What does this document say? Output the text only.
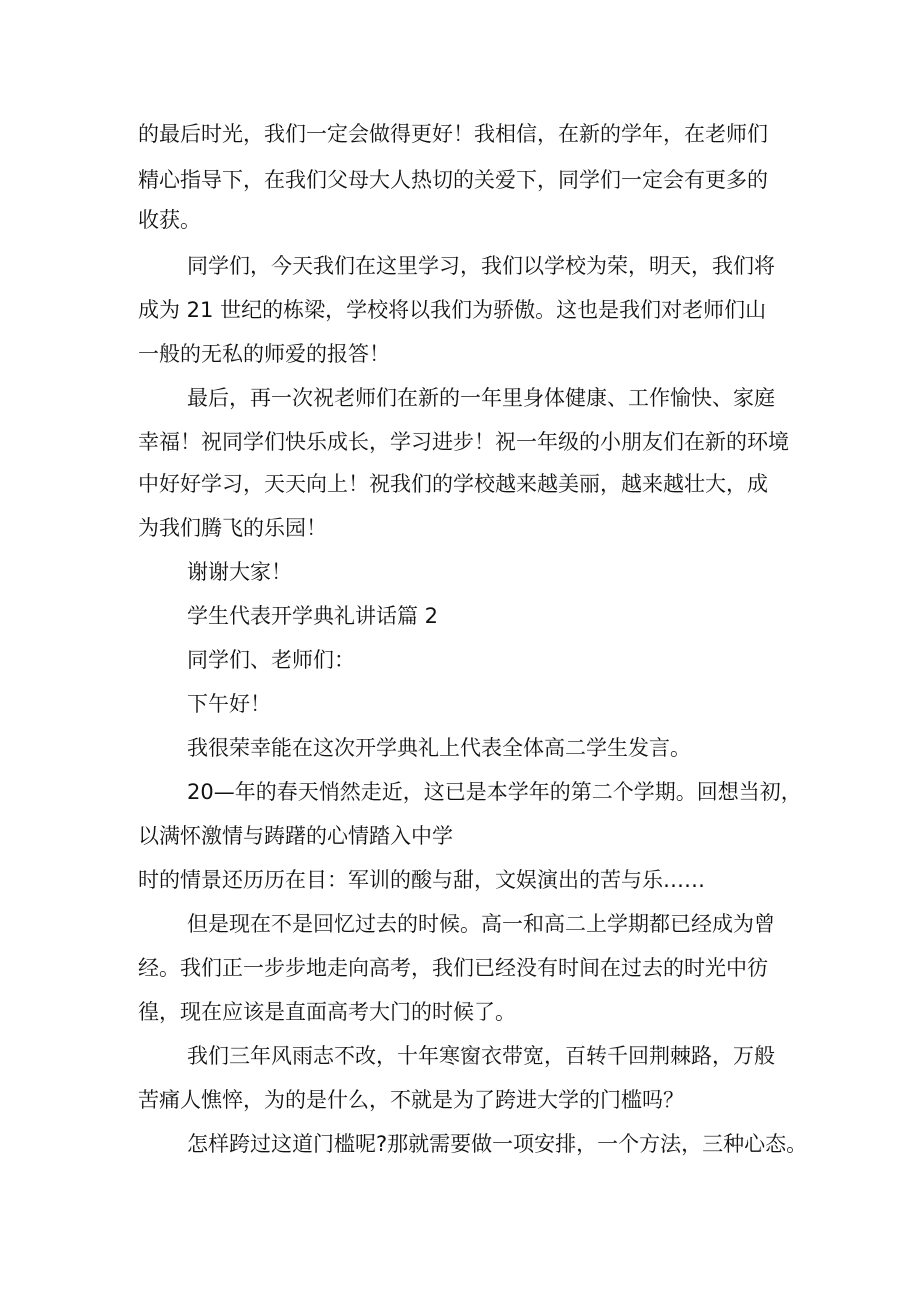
的最后时光，我们一定会做得更好！我相信，在新的学年，在老师们
精心指导下，在我们父母大人热切的关爱下，同学们一定会有更多的
收获。
同学们，今天我们在这里学习，我们以学校为荣，明天，我们将
成为 21 世纪的栋梁，学校将以我们为骄傲。这也是我们对老师们山
一般的无私的师爱的报答！
最后，再一次祝老师们在新的一年里身体健康、工作愉快、家庭
幸福！祝同学们快乐成长，学习进步！祝一年级的小朋友们在新的环境
中好好学习，天天向上！祝我们的学校越来越美丽，越来越壮大，成
为我们腾飞的乐园！
谢谢大家！
学生代表开学典礼讲话篇 2
同学们、老师们：
下午好！
我很荣幸能在这次开学典礼上代表全体高二学生发言。
20—年的春天悄然走近，这已是本学年的第二个学期。回想当初，
以满怀激情与踌躇的心情踏入中学
时的情景还历历在目：军训的酸与甜，文娱演出的苦与乐……
但是现在不是回忆过去的时候。高一和高二上学期都已经成为曾
经。我们正一步步地走向高考，我们已经没有时间在过去的时光中彷
徨，现在应该是直面高考大门的时候了。
我们三年风雨志不改，十年寒窗衣带宽，百转千回荆棘路，万般
苦痛人憔悴，为的是什么，不就是为了跨进大学的门槛吗？
怎样跨过这道门槛呢?那就需要做一项安排，一个方法，三种心态。
